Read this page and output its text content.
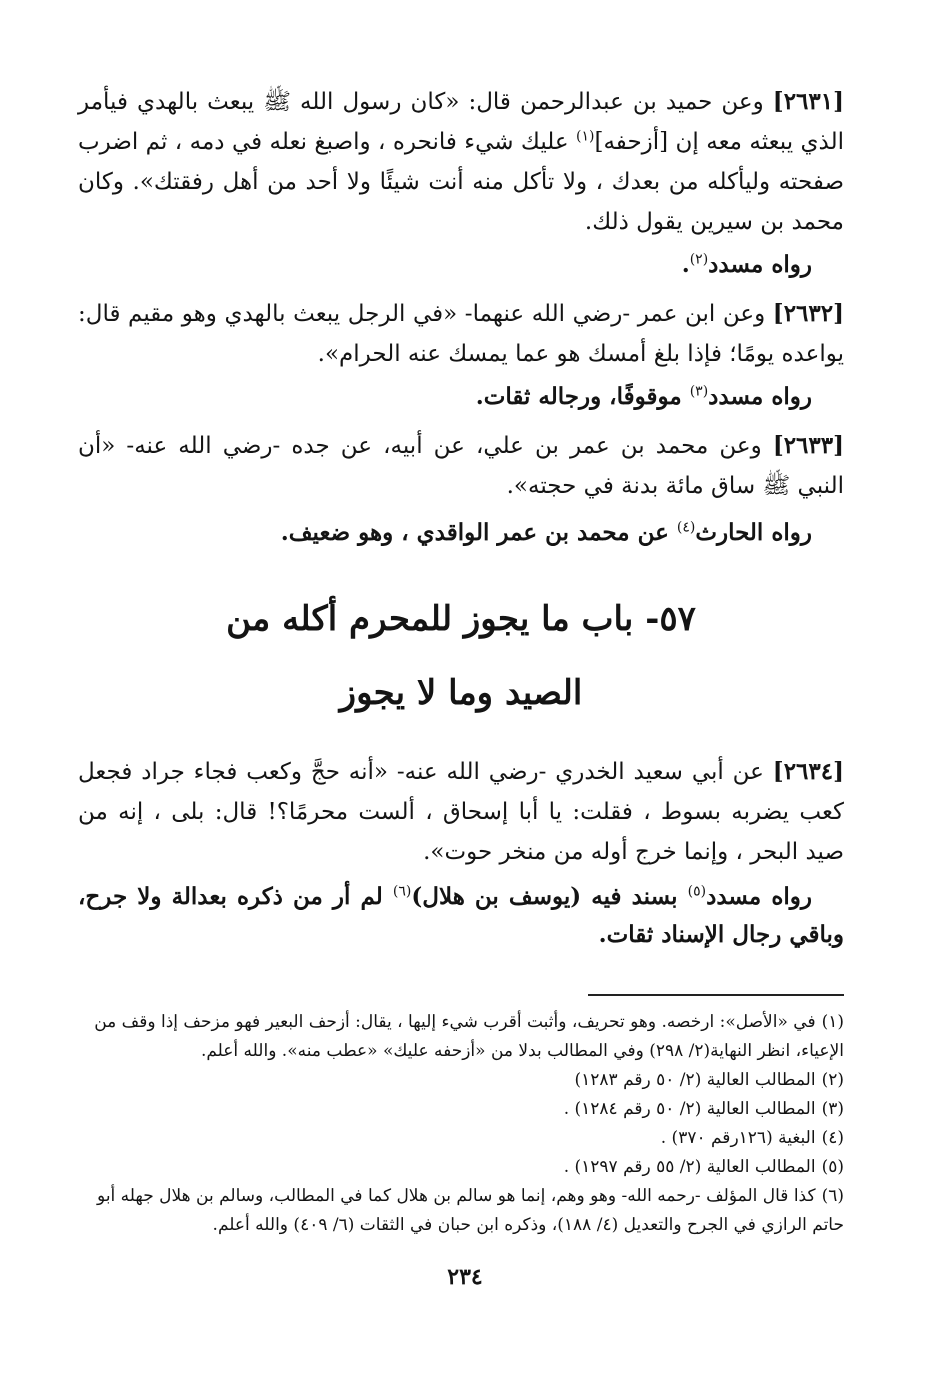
[٢٦٣١] وعن حميد بن عبدالرحمن قال: «كان رسول الله ﷺ يبعث بالهدي فيأمر الذي يبعثه معه إن [أزحفه]$^{(١)}$ عليك شيء فانحره ، واصبغ نعله في دمه ، ثم اضرب صفحته وليأكله من بعدك ، ولا تأكل منه أنت شيئًا ولا أحد من أهل رفقتك». وكان محمد بن سيرين يقول ذلك.

رواه مسدد$^{(٢)}$.

[٢٦٣٢] وعن ابن عمر -رضي الله عنهما- «في الرجل يبعث بالهدي وهو مقيم قال: يواعده يومًا؛ فإذا بلغ أمسك هو عما يمسك عنه الحرام».

رواه مسدد$^{(٣)}$ موقوفًا، ورجاله ثقات.

[٢٦٣٣] وعن محمد بن عمر بن علي، عن أبيه، عن جده -رضي الله عنه- «أن النبي ﷺ ساق مائة بدنة في حجته».

رواه الحارث$^{(٤)}$ عن محمد بن عمر الواقدي ، وهو ضعيف.

٥٧- باب ما يجوز للمحرم أكله من
الصيد وما لا يجوز

[٢٦٣٤] عن أبي سعيد الخدري -رضي الله عنه- «أنه حجَّ وكعب فجاء جراد فجعل كعب يضربه بسوط ، فقلت: يا أبا إسحاق ، ألست محرمًا؟! قال: بلى ، إنه من صيد البحر ، وإنما خرج أوله من منخر حوت».

رواه مسدد$^{(٥)}$ بسند فيه (يوسف بن هلال)$^{(٦)}$ لم أر من ذكره بعدالة ولا جرح، وباقي رجال الإسناد ثقات.

(١)في «الأصل»: ارخصه. وهو تحريف، وأثبت أقرب شيء إليها ، يقال: أزحف البعير فهو مزحف إذا وقف من الإعياء، انظر النهاية(٢/ ٢٩٨) وفي المطالب بدلا من «أزحفه عليك» «عطب منه». والله أعلم.

(٢)المطالب العالية (٢/ ٥٠ رقم ١٢٨٣)

(٣)المطالب العالية (٢/ ٥٠ رقم ١٢٨٤) .

(٤)البغية (١٢٦رقم ٣٧٠) .

(٥)المطالب العالية (٢/ ٥٥ رقم ١٢٩٧) .

(٦)كذا قال المؤلف -رحمه الله- وهو وهم، إنما هو سالم بن هلال كما في المطالب، وسالم بن هلال جهله أبو حاتم الرازي في الجرح والتعديل (٤/ ١٨٨)، وذكره ابن حبان في الثقات (٦/ ٤٠٩) والله أعلم.

٢٣٤
